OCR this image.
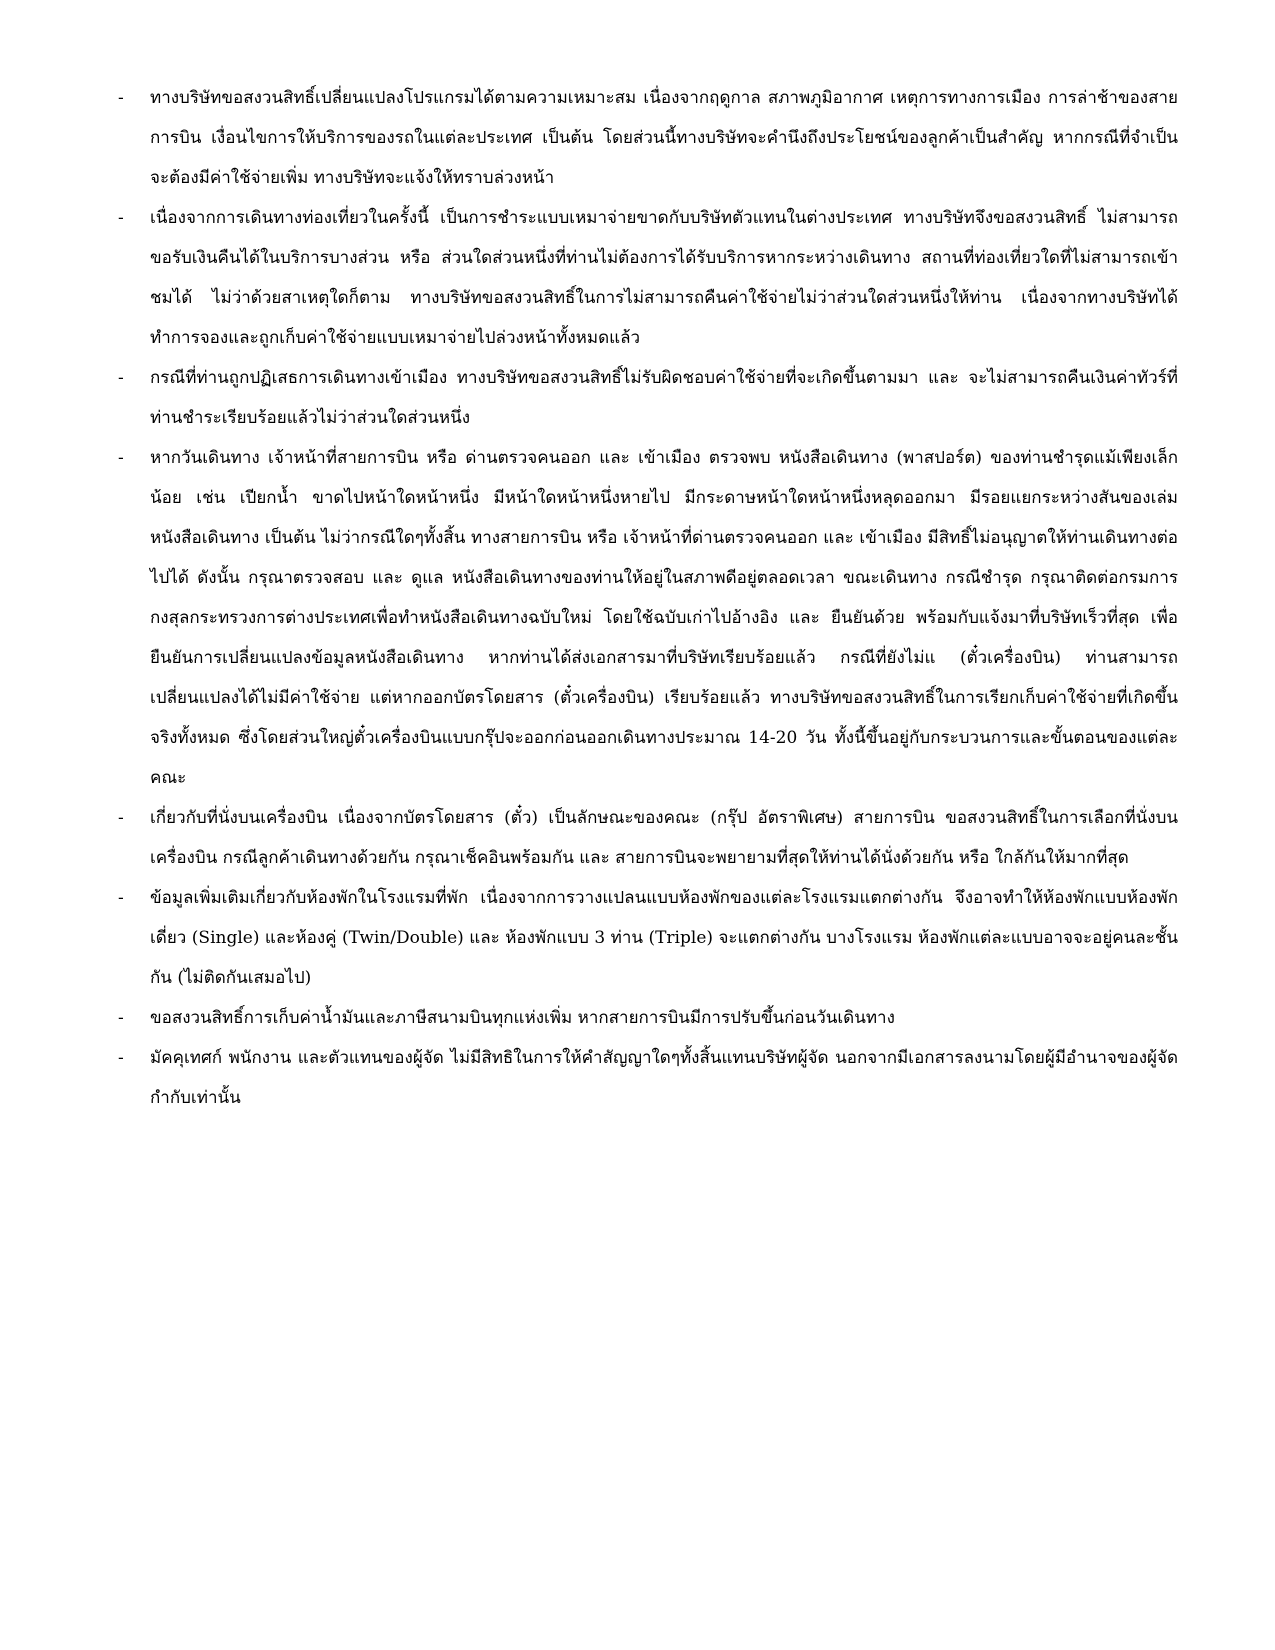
-	ทางบริษัทขอสงวนสิทธิ์เปลี่ยนแปลงโปรแกรมได้ตามความเหมาะสม เนื่องจากฤดูกาล สภาพภูมิอากาศ เหตุการทางการเมือง การล่าช้าของสายการบิน เงื่อนไขการให้บริการของรถในแต่ละประเทศ เป็นต้น โดยส่วนนี้ทางบริษัทจะคำนึงถึงประโยชน์ของลูกค้าเป็นสำคัญ หากกรณีที่จำเป็นจะต้องมีค่าใช้จ่ายเพิ่ม ทางบริษัทจะแจ้งให้ทราบล่วงหน้า
-	เนื่องจากการเดินทางท่องเที่ยวในครั้งนี้ เป็นการชำระแบบเหมาจ่ายขาดกับบริษัทตัวแทนในต่างประเทศ ทางบริษัทจึงขอสงวนสิทธิ์ ไม่สามารถขอรับเงินคืนได้ในบริการบางส่วน หรือ ส่วนใดส่วนหนึ่งที่ท่านไม่ต้องการได้รับบริการหากระหว่างเดินทาง สถานที่ท่องเที่ยวใดที่ไม่สามารถเข้าชมได้ ไม่ว่าด้วยสาเหตุใดก็ตาม ทางบริษัทขอสงวนสิทธิ์ในการไม่สามารถคืนค่าใช้จ่ายไม่ว่าส่วนใดส่วนหนึ่งให้ท่าน เนื่องจากทางบริษัทได้ทำการจองและถูกเก็บค่าใช้จ่ายแบบเหมาจ่ายไปล่วงหน้าทั้งหมดแล้ว
-	กรณีที่ท่านถูกปฏิเสธการเดินทางเข้าเมือง ทางบริษัทขอสงวนสิทธิ์ไม่รับผิดชอบค่าใช้จ่ายที่จะเกิดขึ้นตามมา และ จะไม่สามารถคืนเงินค่าทัวร์ที่ท่านชำระเรียบร้อยแล้วไม่ว่าส่วนใดส่วนหนึ่ง
-	หากวันเดินทาง เจ้าหน้าที่สายการบิน หรือ ด่านตรวจคนออก และ เข้าเมือง ตรวจพบ หนังสือเดินทาง (พาสปอร์ต) ของท่านชำรุดแม้เพียงเล็กน้อย เช่น เปียกน้ำ ขาดไปหน้าใดหน้าหนึ่ง มีหน้าใดหน้าหนึ่งหายไป มีกระดาษหน้าใดหน้าหนึ่งหลุดออกมา มีรอยแยกระหว่างสันของเล่มหนังสือเดินทาง เป็นต้น ไม่ว่ากรณีใดๆทั้งสิ้น ทางสายการบิน หรือ เจ้าหน้าที่ด่านตรวจคนออก และ เข้าเมือง มีสิทธิ์ไม่อนุญาตให้ท่านเดินทางต่อไปได้ ดังนั้น กรุณาตรวจสอบ และ ดูแล หนังสือเดินทางของท่านให้อยู่ในสภาพดีอยู่ตลอดเวลา ขณะเดินทาง กรณีชำรุด กรุณาติดต่อกรมการกงสุลกระทรวงการต่างประเทศเพื่อทำหนังสือเดินทางฉบับใหม่ โดยใช้ฉบับเก่าไปอ้างอิง และ ยืนยันด้วย พร้อมกับแจ้งมาที่บริษัทเร็วที่สุด เพื่อยืนยันการเปลี่ยนแปลงข้อมูลหนังสือเดินทาง หากท่านได้ส่งเอกสารมาที่บริษัทเรียบร้อยแล้ว กรณีที่ยังไม่แ (ตั๋วเครื่องบิน) ท่านสามารถเปลี่ยนแปลงได้ไม่มีค่าใช้จ่าย แต่หากออกบัตรโดยสาร (ตั๋วเครื่องบิน) เรียบร้อยแล้ว ทางบริษัทขอสงวนสิทธิ์ในการเรียกเก็บค่าใช้จ่ายที่เกิดขึ้นจริงทั้งหมด ซึ่งโดยส่วนใหญ่ตั๋วเครื่องบินแบบกรุ๊ปจะออกก่อนออกเดินทางประมาณ 14-20 วัน ทั้งนี้ขึ้นอยู่กับกระบวนการและขั้นตอนของแต่ละคณะ
-	เกี่ยวกับที่นั่งบนเครื่องบิน เนื่องจากบัตรโดยสาร (ตั๋ว) เป็นลักษณะของคณะ (กรุ๊ป อัตราพิเศษ) สายการบิน ขอสงวนสิทธิ์ในการเลือกที่นั่งบนเครื่องบิน กรณีลูกค้าเดินทางด้วยกัน กรุณาเช็คอินพร้อมกัน และ สายการบินจะพยายามที่สุดให้ท่านได้นั่งด้วยกัน หรือ ใกล้กันให้มากที่สุด
-	ข้อมูลเพิ่มเติมเกี่ยวกับห้องพักในโรงแรมที่พัก เนื่องจากการวางแปลนแบบห้องพักของแต่ละโรงแรมแตกต่างกัน จึงอาจทำให้ห้องพักแบบห้องพักเดี่ยว (Single) และห้องคู่ (Twin/Double) และ ห้องพักแบบ 3 ท่าน (Triple) จะแตกต่างกัน บางโรงแรม ห้องพักแต่ละแบบอาจจะอยู่คนละชั้นกัน (ไม่ติดกันเสมอไป)
-	ขอสงวนสิทธิ์การเก็บค่าน้ำมันและภาษีสนามบินทุกแห่งเพิ่ม หากสายการบินมีการปรับขึ้นก่อนวันเดินทาง
-	มัคคุเทศก์ พนักงาน และตัวแทนของผู้จัด ไม่มีสิทธิในการให้คำสัญญาใดๆทั้งสิ้นแทนบริษัทผู้จัด นอกจากมีเอกสารลงนามโดยผู้มีอำนาจของผู้จัดกำกับเท่านั้น
